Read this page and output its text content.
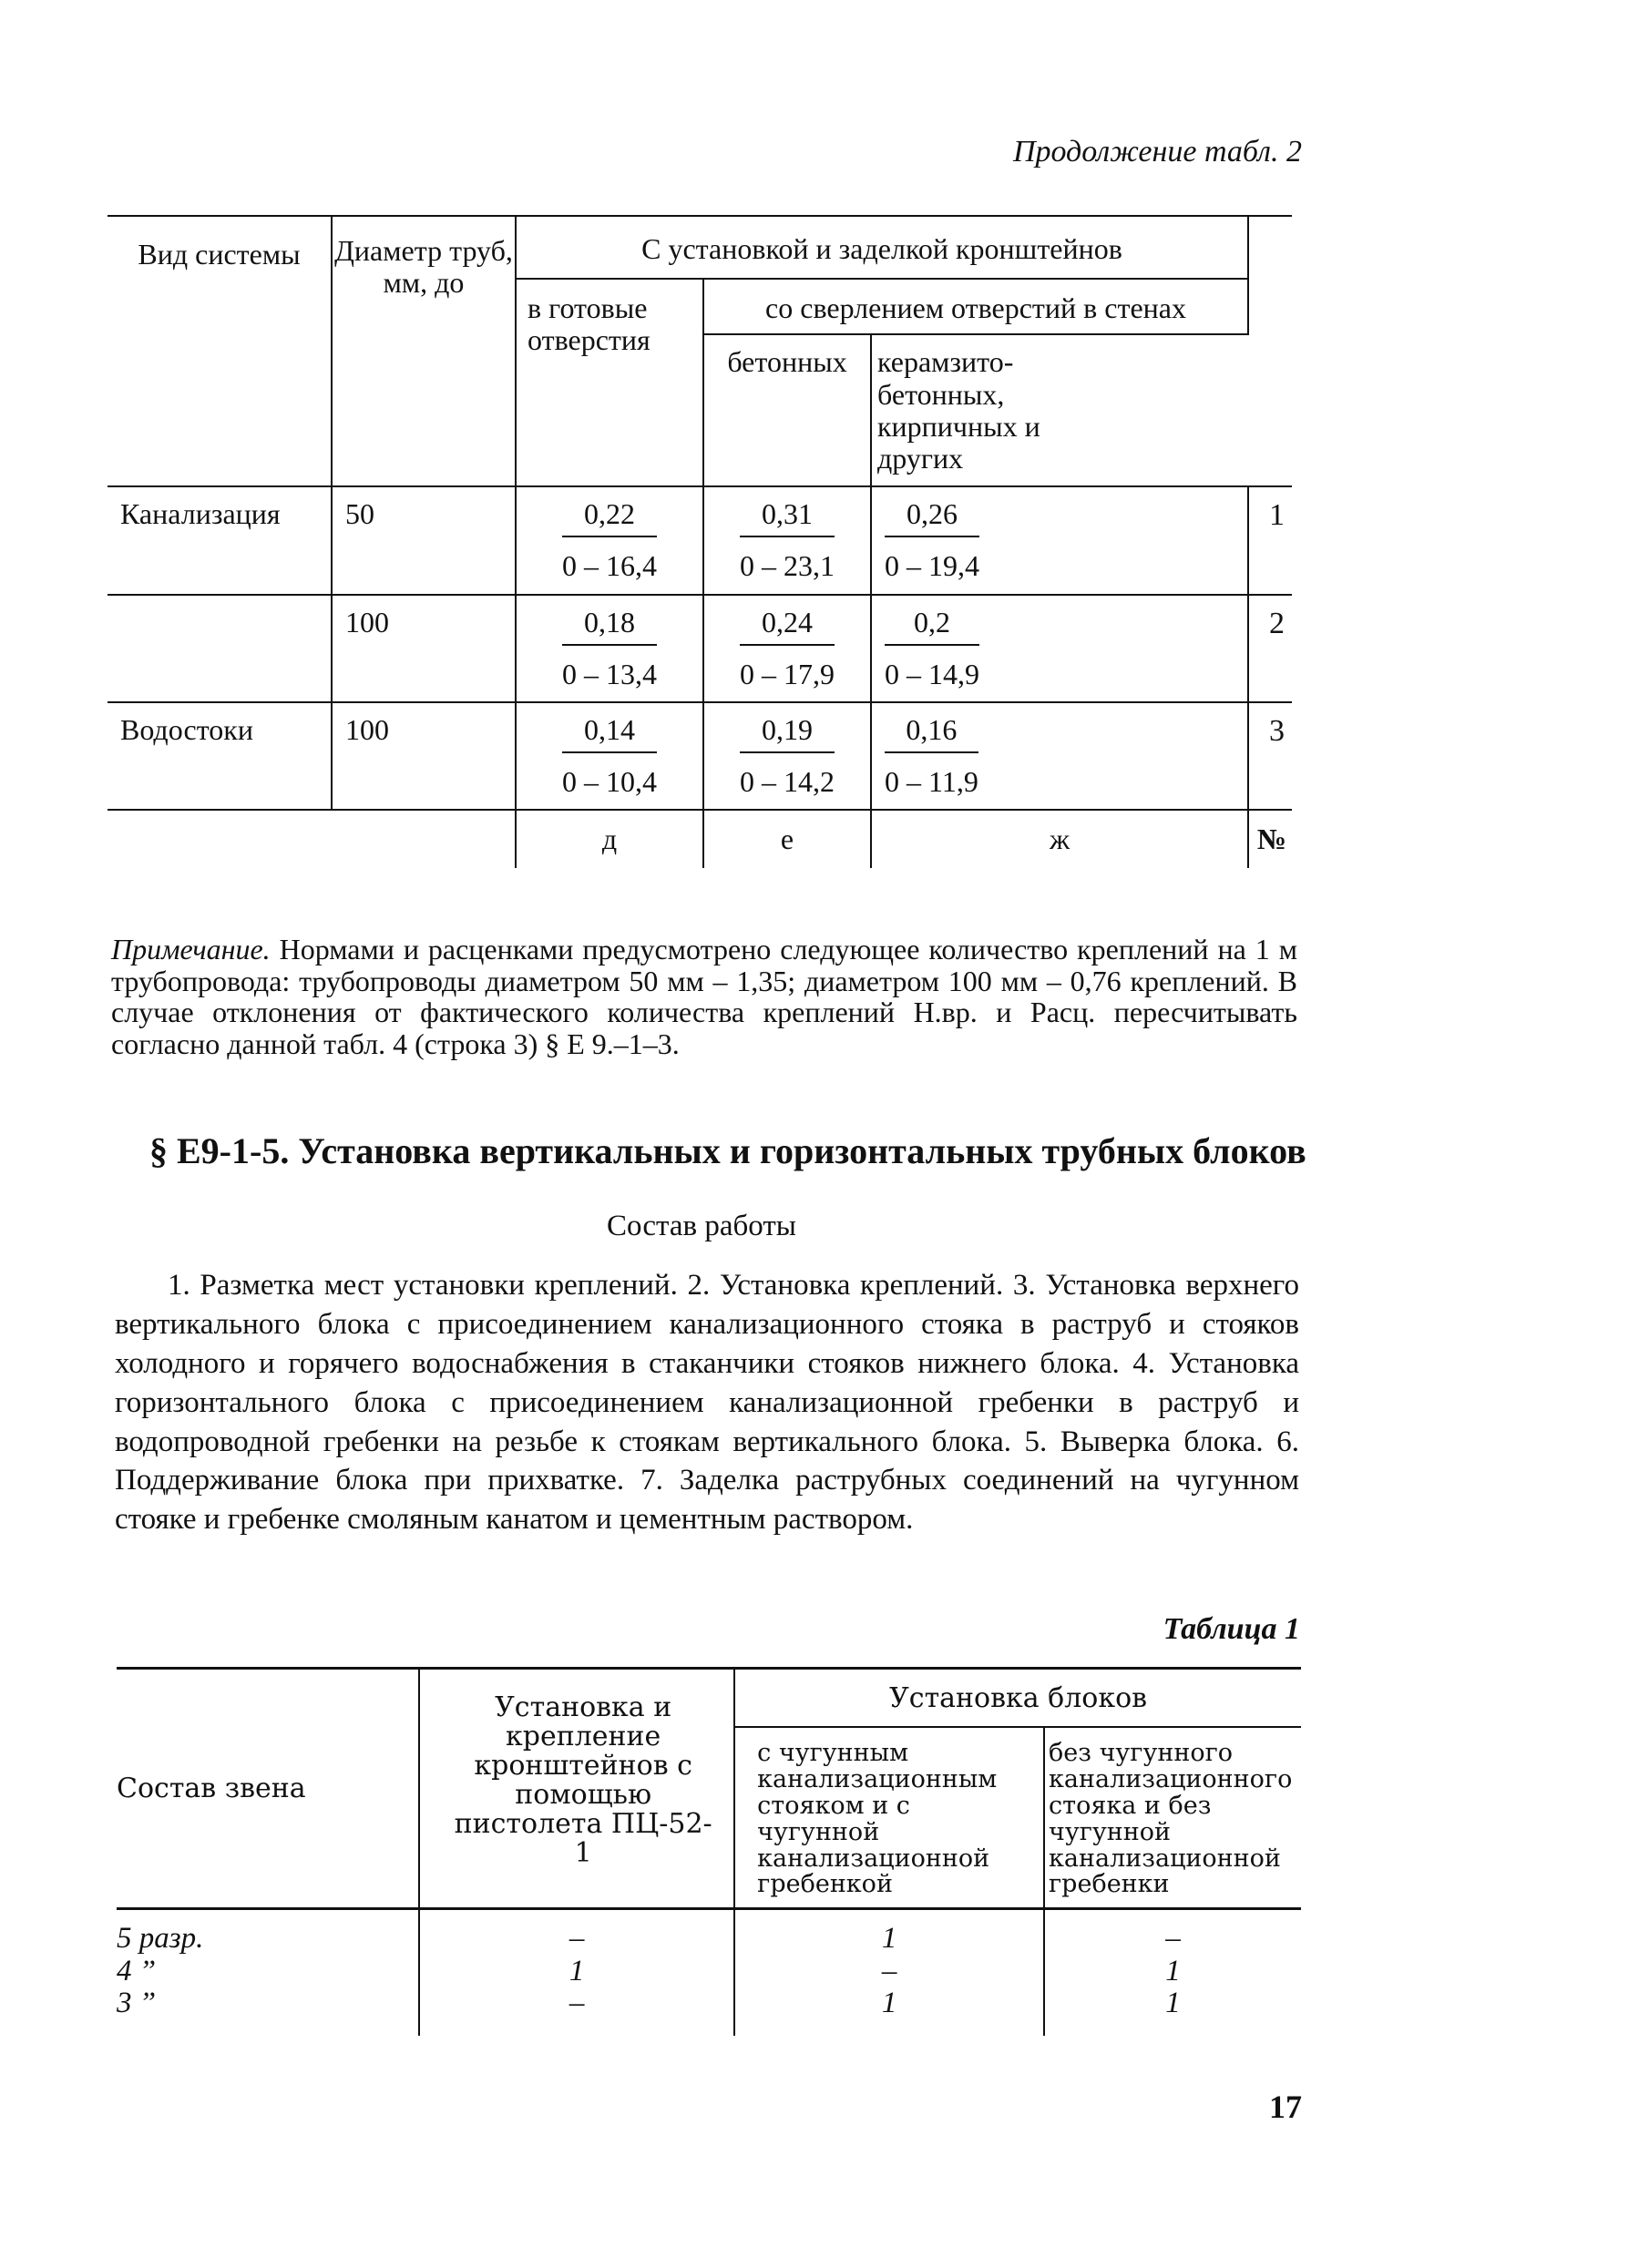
Продолжение табл. 2
Вид системы	Диаметр труб, мм, до	С установкой и заделкой кронштейнов			
		в готовые отверстия	со сверлением отверстий в стенах		
			бетонных	керамзито-бетонных, кирпичных и других	

Канализация	50	$\frac{0,22}{0 - 16,4}$	$\frac{0,31}{0 - 23,1}$	$\frac{0,26}{0 - 19,4}$	1
	100	$\frac{0,18}{0 - 13,4}$	$\frac{0,24}{0 - 17,9}$	$\frac{0,2}{0 - 14,9}$	2
Водостоки	100	$\frac{0,14}{0 - 10,4}$	$\frac{0,19}{0 - 14,2}$	$\frac{0,16}{0 - 11,9}$	3
		д	е	ж	№
Примечание. Нормами и расценками предусмотрено следующее количество креплений на 1 м трубопровода: трубопроводы диаметром 50 мм – 1,35; диаметром 100 мм – 0,76 креплений. В случае отклонения от фактического количества креплений Н.вр. и Расц. пересчитывать согласно данной табл. 4 (строка 3) § Е 9.–1–3.
§ Е9-1-5. Установка вертикальных и горизонтальных трубных блоков
Состав работы
1. Разметка мест установки креплений. 2. Установка креплений. 3. Установка верхнего вертикального блока с присоединением канализационного стояка в раструб и стояков холодного и горячего водоснабжения в стаканчики стояков нижнего блока. 4. Установка горизонтального блока с присоединением канализационной гребенки в раструб и водопроводной гребенки на резьбе к стоякам вертикального блока. 5. Выверка блока. 6. Поддерживание блока при прихватке. 7. Заделка раструбных соединений на чугунном стояке и гребенке смоляным канатом и цементным раствором.
Таблица 1
Состав звена	Установка и крепление кронштейнов с помощью пистолета ПЦ-52-1	Установка блоков	

		с чугунным канализационным стояком и с чугунной канализационной гребенкой	без чугунного канализационного стояка и без чугунной канализационной гребенки

5 разр.	–	1	–
4 ”	1	–	1
3 ”	–	1	1
17
